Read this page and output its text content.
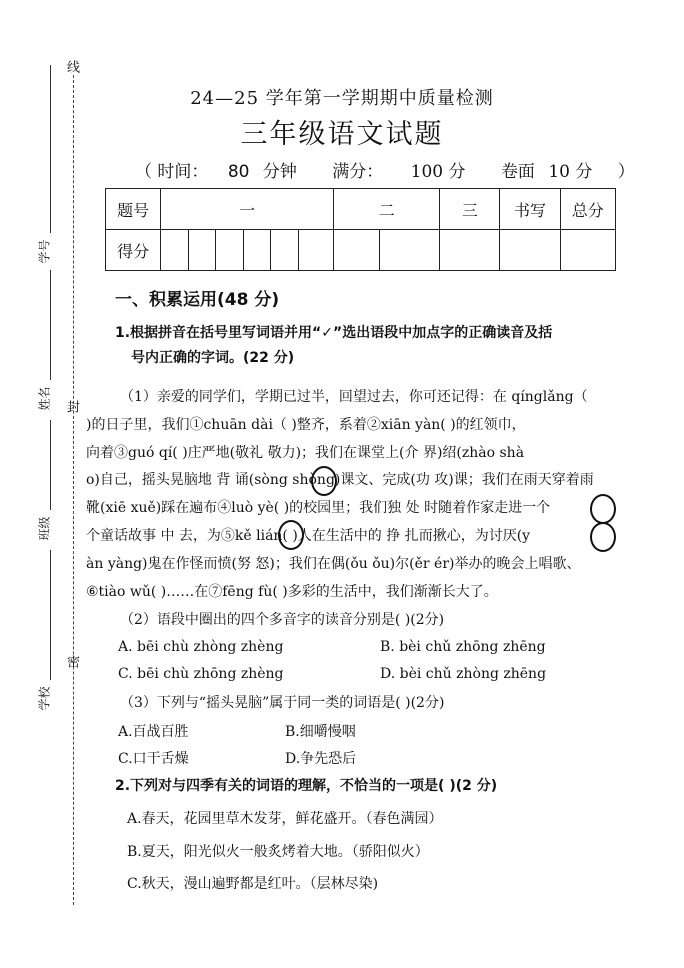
线
封
密
学号
姓名
班级
学校
24—25 学年第一学期期中质量检测
三年级语文试题
（ 时间： 80 分钟 满分： 100 分 卷面 10 分 ）
题号	一						二		三	书写	总分
得分											
一、积累运用(48 分)
1.根据拼音在括号里写词语并用“✓”选出语段中加点字的正确读音及括
号内正确的字词。(22 分)
（1）亲爱的同学们，学期已过半，回望过去，你可还记得：在 qínglǎng（
)的日子里，我们①chuān dài（ )整齐，系着②xiān yàn( )的红领巾，
向着③guó qí( )庄严地(敬礼 敬力)；我们在课堂上(介 界)绍(zhào shà
o)自己，摇头晃脑地 背 诵(sòng shòng)课文、完成(功 攻)课；我们在雨天穿着雨
靴(xiē xuě)踩在遍布④luò yè( )的校园里；我们独 处 时随着作家走进一个
个童话故事 中 去，为⑤kě lián( )人在生活中的 挣 扎而揪心，为讨厌(y
àn yàng)鬼在作怪而愤(努 怒)；我们在偶(ǒu ǒu)尔(ěr ér)举办的晚会上唱歌、
⑥tiào wǔ( )……在⑦fēng fù( )多彩的生活中，我们渐渐长大了。
（2）语段中圈出的四个多音字的读音分别是( )(2分)
A. bēi chù zhòng zhèng	B. bèi chǔ zhōng zhēng
C. bēi chù zhōng zhèng	D. bèi chǔ zhòng zhēng
（3）下列与“摇头晃脑”属于同一类的词语是( )(2分)
A.百战百胜	B.细嚼慢咽
C.口干舌燥	D.争先恐后
2.下列对与四季有关的词语的理解，不恰当的一项是( )(2 分)
A.春天，花园里草木发芽，鲜花盛开。（春色满园）
B.夏天，阳光似火一般炙烤着大地。（骄阳似火）
C.秋天，漫山遍野都是红叶。（层林尽染)
